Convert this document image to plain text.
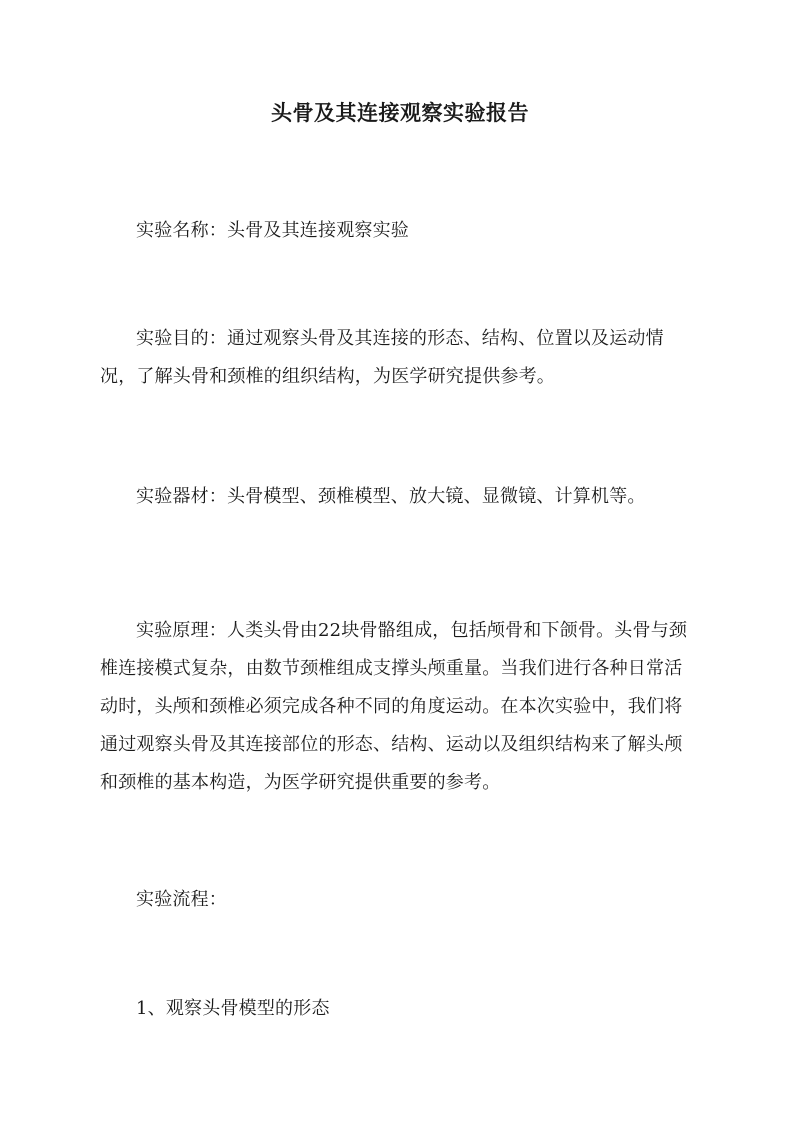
头骨及其连接观察实验报告

实验名称：头骨及其连接观察实验

实验目的：通过观察头骨及其连接的形态、结构、位置以及运动情况，了解头骨和颈椎的组织结构，为医学研究提供参考。

实验器材：头骨模型、颈椎模型、放大镜、显微镜、计算机等。

实验原理：人类头骨由22块骨骼组成，包括颅骨和下颌骨。头骨与颈椎连接模式复杂，由数节颈椎组成支撑头颅重量。当我们进行各种日常活动时，头颅和颈椎必须完成各种不同的角度运动。在本次实验中，我们将通过观察头骨及其连接部位的形态、结构、运动以及组织结构来了解头颅和颈椎的基本构造，为医学研究提供重要的参考。

实验流程：

1、观察头骨模型的形态
